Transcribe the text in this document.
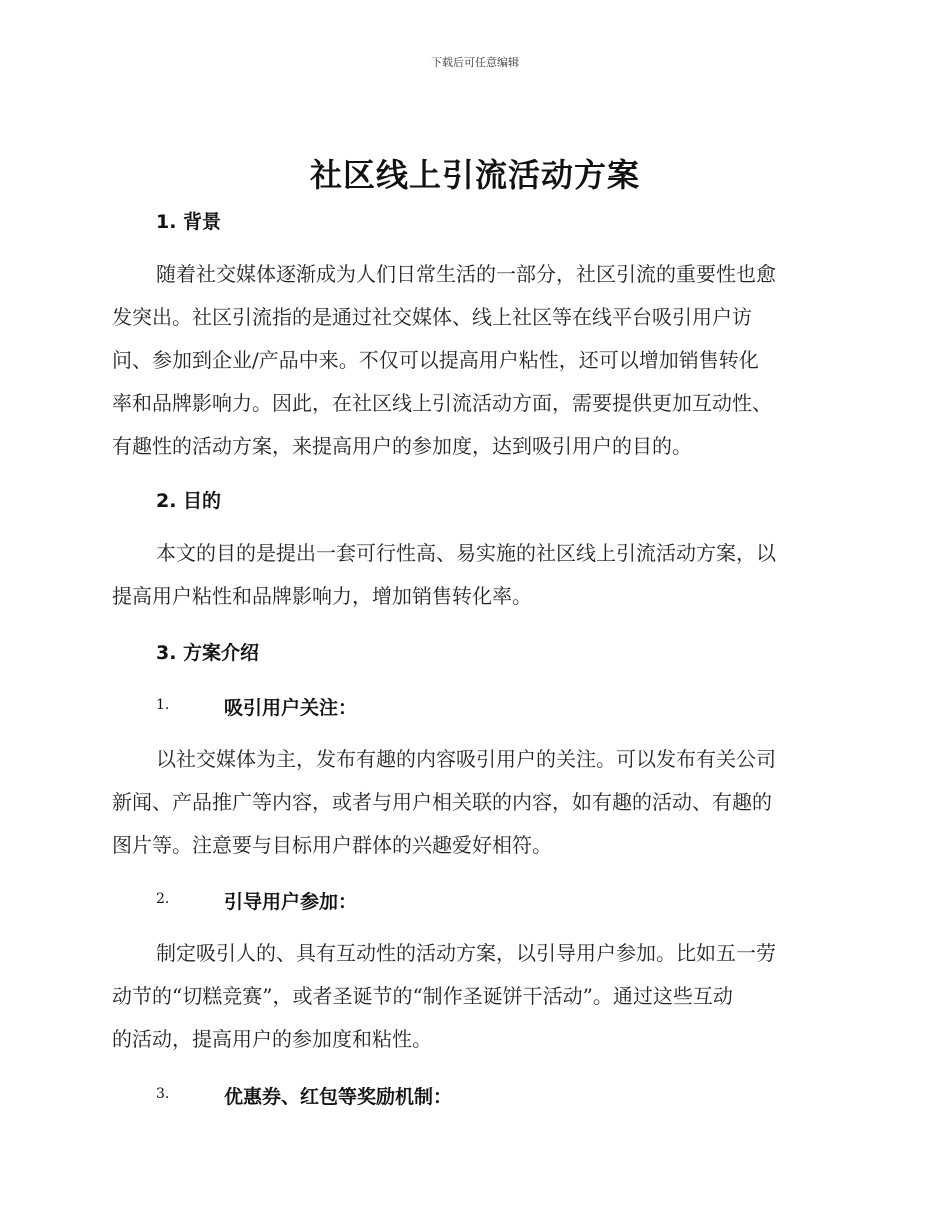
下载后可任意编辑
社区线上引流活动方案
1. 背景
随着社交媒体逐渐成为人们日常生活的一部分，社区引流的重要性也愈
发突出。社区引流指的是通过社交媒体、线上社区等在线平台吸引用户访
问、参加到企业/产品中来。不仅可以提高用户粘性，还可以增加销售转化
率和品牌影响力。因此，在社区线上引流活动方面，需要提供更加互动性、
有趣性的活动方案，来提高用户的参加度，达到吸引用户的目的。
2. 目的
本文的目的是提出一套可行性高、易实施的社区线上引流活动方案，以
提高用户粘性和品牌影响力，增加销售转化率。
3. 方案介绍
1.	吸引用户关注：
以社交媒体为主，发布有趣的内容吸引用户的关注。可以发布有关公司
新闻、产品推广等内容，或者与用户相关联的内容，如有趣的活动、有趣的
图片等。注意要与目标用户群体的兴趣爱好相符。
2.	引导用户参加：
制定吸引人的、具有互动性的活动方案，以引导用户参加。比如五一劳
动节的“切糕竞赛”，或者圣诞节的“制作圣诞饼干活动”。通过这些互动
的活动，提高用户的参加度和粘性。
3.	优惠券、红包等奖励机制：
